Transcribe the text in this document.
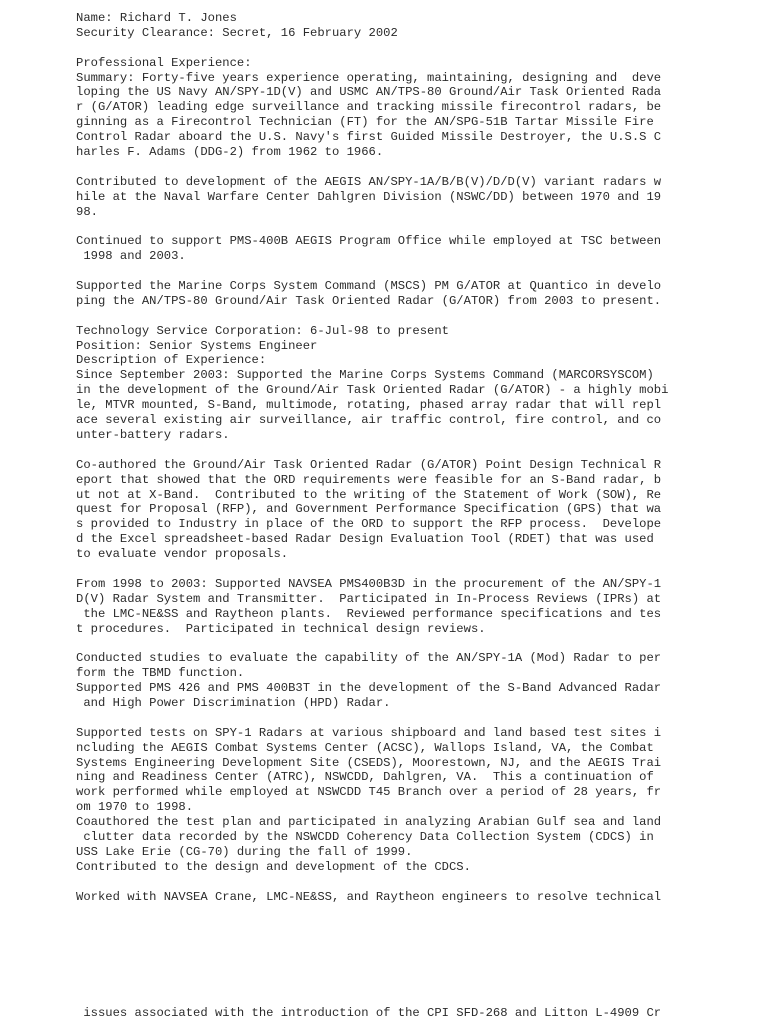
Name: Richard T. Jones
Security Clearance: Secret, 16 February 2002
Professional Experience:
Summary: Forty-five years experience operating, maintaining, designing and  deve
loping the US Navy AN/SPY-1D(V) and USMC AN/TPS-80 Ground/Air Task Oriented Rada
r (G/ATOR) leading edge surveillance and tracking missile firecontrol radars, be
ginning as a Firecontrol Technician (FT) for the AN/SPG-51B Tartar Missile Fire
Control Radar aboard the U.S. Navy's first Guided Missile Destroyer, the U.S.S C
harles F. Adams (DDG-2) from 1962 to 1966.
Contributed to development of the AEGIS AN/SPY-1A/B/B(V)/D/D(V) variant radars w
hile at the Naval Warfare Center Dahlgren Division (NSWC/DD) between 1970 and 19
98.
Continued to support PMS-400B AEGIS Program Office while employed at TSC between
1998 and 2003.
Supported the Marine Corps System Command (MSCS) PM G/ATOR at Quantico in develo
ping the AN/TPS-80 Ground/Air Task Oriented Radar (G/ATOR) from 2003 to present.
Technology Service Corporation: 6-Jul-98 to present
Position: Senior Systems Engineer
Description of Experience:
Since September 2003: Supported the Marine Corps Systems Command (MARCORSYSCOM)
in the development of the Ground/Air Task Oriented Radar (G/ATOR) - a highly mobi
le, MTVR mounted, S-Band, multimode, rotating, phased array radar that will repl
ace several existing air surveillance, air traffic control, fire control, and co
unter-battery radars.
Co-authored the Ground/Air Task Oriented Radar (G/ATOR) Point Design Technical R
eport that showed that the ORD requirements were feasible for an S-Band radar, b
ut not at X-Band.  Contributed to the writing of the Statement of Work (SOW), Re
quest for Proposal (RFP), and Government Performance Specification (GPS) that wa
s provided to Industry in place of the ORD to support the RFP process.  Develope
d the Excel spreadsheet-based Radar Design Evaluation Tool (RDET) that was used
to evaluate vendor proposals.
From 1998 to 2003: Supported NAVSEA PMS400B3D in the procurement of the AN/SPY-1
D(V) Radar System and Transmitter.  Participated in In-Process Reviews (IPRs) at
the LMC-NE&SS and Raytheon plants.  Reviewed performance specifications and tes
t procedures.  Participated in technical design reviews.
Conducted studies to evaluate the capability of the AN/SPY-1A (Mod) Radar to per
form the TBMD function.
Supported PMS 426 and PMS 400B3T in the development of the S-Band Advanced Radar
and High Power Discrimination (HPD) Radar.
Supported tests on SPY-1 Radars at various shipboard and land based test sites i
ncluding the AEGIS Combat Systems Center (ACSC), Wallops Island, VA, the Combat
Systems Engineering Development Site (CSEDS), Moorestown, NJ, and the AEGIS Trai
ning and Readiness Center (ATRC), NSWCDD, Dahlgren, VA.  This a continuation of
work performed while employed at NSWCDD T45 Branch over a period of 28 years, fr
om 1970 to 1998.
Coauthored the test plan and participated in analyzing Arabian Gulf sea and land
clutter data recorded by the NSWCDD Coherency Data Collection System (CDCS) in
USS Lake Erie (CG-70) during the fall of 1999.
Contributed to the design and development of the CDCS.
Worked with NAVSEA Crane, LMC-NE&SS, and Raytheon engineers to resolve technical
issues associated with the introduction of the CPI SFD-268 and Litton L-4909 Cr
